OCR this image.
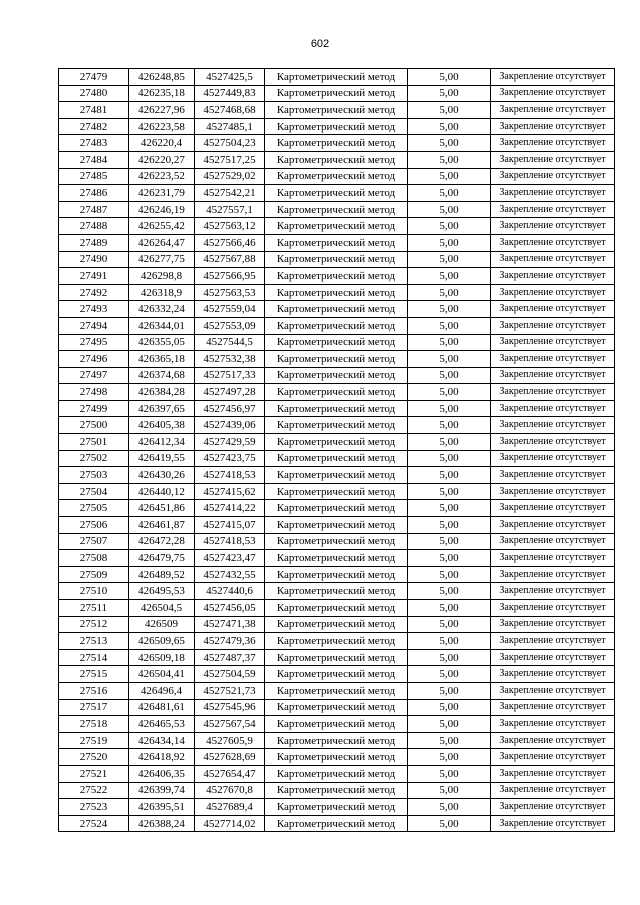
602
27479	426248,85	4527425,5	Картометрический метод	5,00	Закрепление отсутствует
27480	426235,18	4527449,83	Картометрический метод	5,00	Закрепление отсутствует
27481	426227,96	4527468,68	Картометрический метод	5,00	Закрепление отсутствует
27482	426223,58	4527485,1	Картометрический метод	5,00	Закрепление отсутствует
27483	426220,4	4527504,23	Картометрический метод	5,00	Закрепление отсутствует
27484	426220,27	4527517,25	Картометрический метод	5,00	Закрепление отсутствует
27485	426223,52	4527529,02	Картометрический метод	5,00	Закрепление отсутствует
27486	426231,79	4527542,21	Картометрический метод	5,00	Закрепление отсутствует
27487	426246,19	4527557,1	Картометрический метод	5,00	Закрепление отсутствует
27488	426255,42	4527563,12	Картометрический метод	5,00	Закрепление отсутствует
27489	426264,47	4527566,46	Картометрический метод	5,00	Закрепление отсутствует
27490	426277,75	4527567,88	Картометрический метод	5,00	Закрепление отсутствует
27491	426298,8	4527566,95	Картометрический метод	5,00	Закрепление отсутствует
27492	426318,9	4527563,53	Картометрический метод	5,00	Закрепление отсутствует
27493	426332,24	4527559,04	Картометрический метод	5,00	Закрепление отсутствует
27494	426344,01	4527553,09	Картометрический метод	5,00	Закрепление отсутствует
27495	426355,05	4527544,5	Картометрический метод	5,00	Закрепление отсутствует
27496	426365,18	4527532,38	Картометрический метод	5,00	Закрепление отсутствует
27497	426374,68	4527517,33	Картометрический метод	5,00	Закрепление отсутствует
27498	426384,28	4527497,28	Картометрический метод	5,00	Закрепление отсутствует
27499	426397,65	4527456,97	Картометрический метод	5,00	Закрепление отсутствует
27500	426405,38	4527439,06	Картометрический метод	5,00	Закрепление отсутствует
27501	426412,34	4527429,59	Картометрический метод	5,00	Закрепление отсутствует
27502	426419,55	4527423,75	Картометрический метод	5,00	Закрепление отсутствует
27503	426430,26	4527418,53	Картометрический метод	5,00	Закрепление отсутствует
27504	426440,12	4527415,62	Картометрический метод	5,00	Закрепление отсутствует
27505	426451,86	4527414,22	Картометрический метод	5,00	Закрепление отсутствует
27506	426461,87	4527415,07	Картометрический метод	5,00	Закрепление отсутствует
27507	426472,28	4527418,53	Картометрический метод	5,00	Закрепление отсутствует
27508	426479,75	4527423,47	Картометрический метод	5,00	Закрепление отсутствует
27509	426489,52	4527432,55	Картометрический метод	5,00	Закрепление отсутствует
27510	426495,53	4527440,6	Картометрический метод	5,00	Закрепление отсутствует
27511	426504,5	4527456,05	Картометрический метод	5,00	Закрепление отсутствует
27512	426509	4527471,38	Картометрический метод	5,00	Закрепление отсутствует
27513	426509,65	4527479,36	Картометрический метод	5,00	Закрепление отсутствует
27514	426509,18	4527487,37	Картометрический метод	5,00	Закрепление отсутствует
27515	426504,41	4527504,59	Картометрический метод	5,00	Закрепление отсутствует
27516	426496,4	4527521,73	Картометрический метод	5,00	Закрепление отсутствует
27517	426481,61	4527545,96	Картометрический метод	5,00	Закрепление отсутствует
27518	426465,53	4527567,54	Картометрический метод	5,00	Закрепление отсутствует
27519	426434,14	4527605,9	Картометрический метод	5,00	Закрепление отсутствует
27520	426418,92	4527628,69	Картометрический метод	5,00	Закрепление отсутствует
27521	426406,35	4527654,47	Картометрический метод	5,00	Закрепление отсутствует
27522	426399,74	4527670,8	Картометрический метод	5,00	Закрепление отсутствует
27523	426395,51	4527689,4	Картометрический метод	5,00	Закрепление отсутствует
27524	426388,24	4527714,02	Картометрический метод	5,00	Закрепление отсутствует
